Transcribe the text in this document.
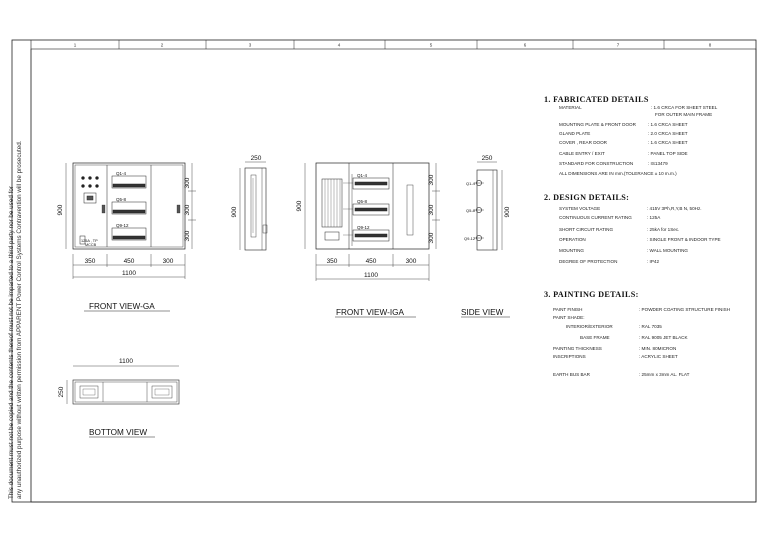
1	2	3	4	5	6	7	8
Q1-4
Q5-8
Q9-12
125A , TP
MCCB
900
350	450	300
1100
300
300
300
FRONT VIEW-GA
250
900
Q1-4
Q5-8
Q9-12
900
350	450	300
1100
300
300
300
FRONT VIEW-IGA
Q1-4
Q5-8
Q9-12
250
900
SIDE VIEW
1100
250
BOTTOM VIEW
This document must not be copied and the contents thereof must not be imparted to a third party nor be used for any unauthorized purpose without written permission from APPARENT Power Control Systems Contravention will be prosecuted.
1. FABRICATED DETAILS
MATERIAL	: 1.6 CRCA FOR SHEET STEEL
FOR OUTER MAIN FRAME
MOUNTING PLATE & FRONT DOOR	: 1.6 CRCA SHEET
GLAND PLATE	: 2.0 CRCA SHEET
COVER , REAR DOOR	: 1.6 CRCA SHEET
CABLE ENTRY / EXIT	: PANEL TOP SIDE
STANDARD FOR CONSTRUCTION	: IS13479
ALL DIMENSIONS ARE IN mm.(TOLERANCE ± 10 m.m.)
2. DESIGN DETAILS:
SYSTEM VOLTAGE	: 415V 3Ph,R,Y,B N, 50Hz.
CONTINUOUS CURRENT RATING	: 125A
SHORT CIRCUIT RATING	: 25kA for 1Sec.
OPERATION	: SINGLE FRONT & INDOOR TYPE
MOUNTING	: WALL MOUNTING
DEGREE OF PROTECTION	: IP42
3. PAINTING DETAILS:
PAINT FINISH	: POWDER COATING STRUCTURE FINISH
PAINT SHADE:
INTERIOR/EXTERIOR	: RAL 7035
BASE FRAME	: RAL 9005 JET BLACK
PAINTING THICKNESS	: MIN. 80MICRON
INSCRIPTIONS	: ACRYLIC SHEET
EARTH BUS BAR	: 25mm x 3mm AL. FLAT
